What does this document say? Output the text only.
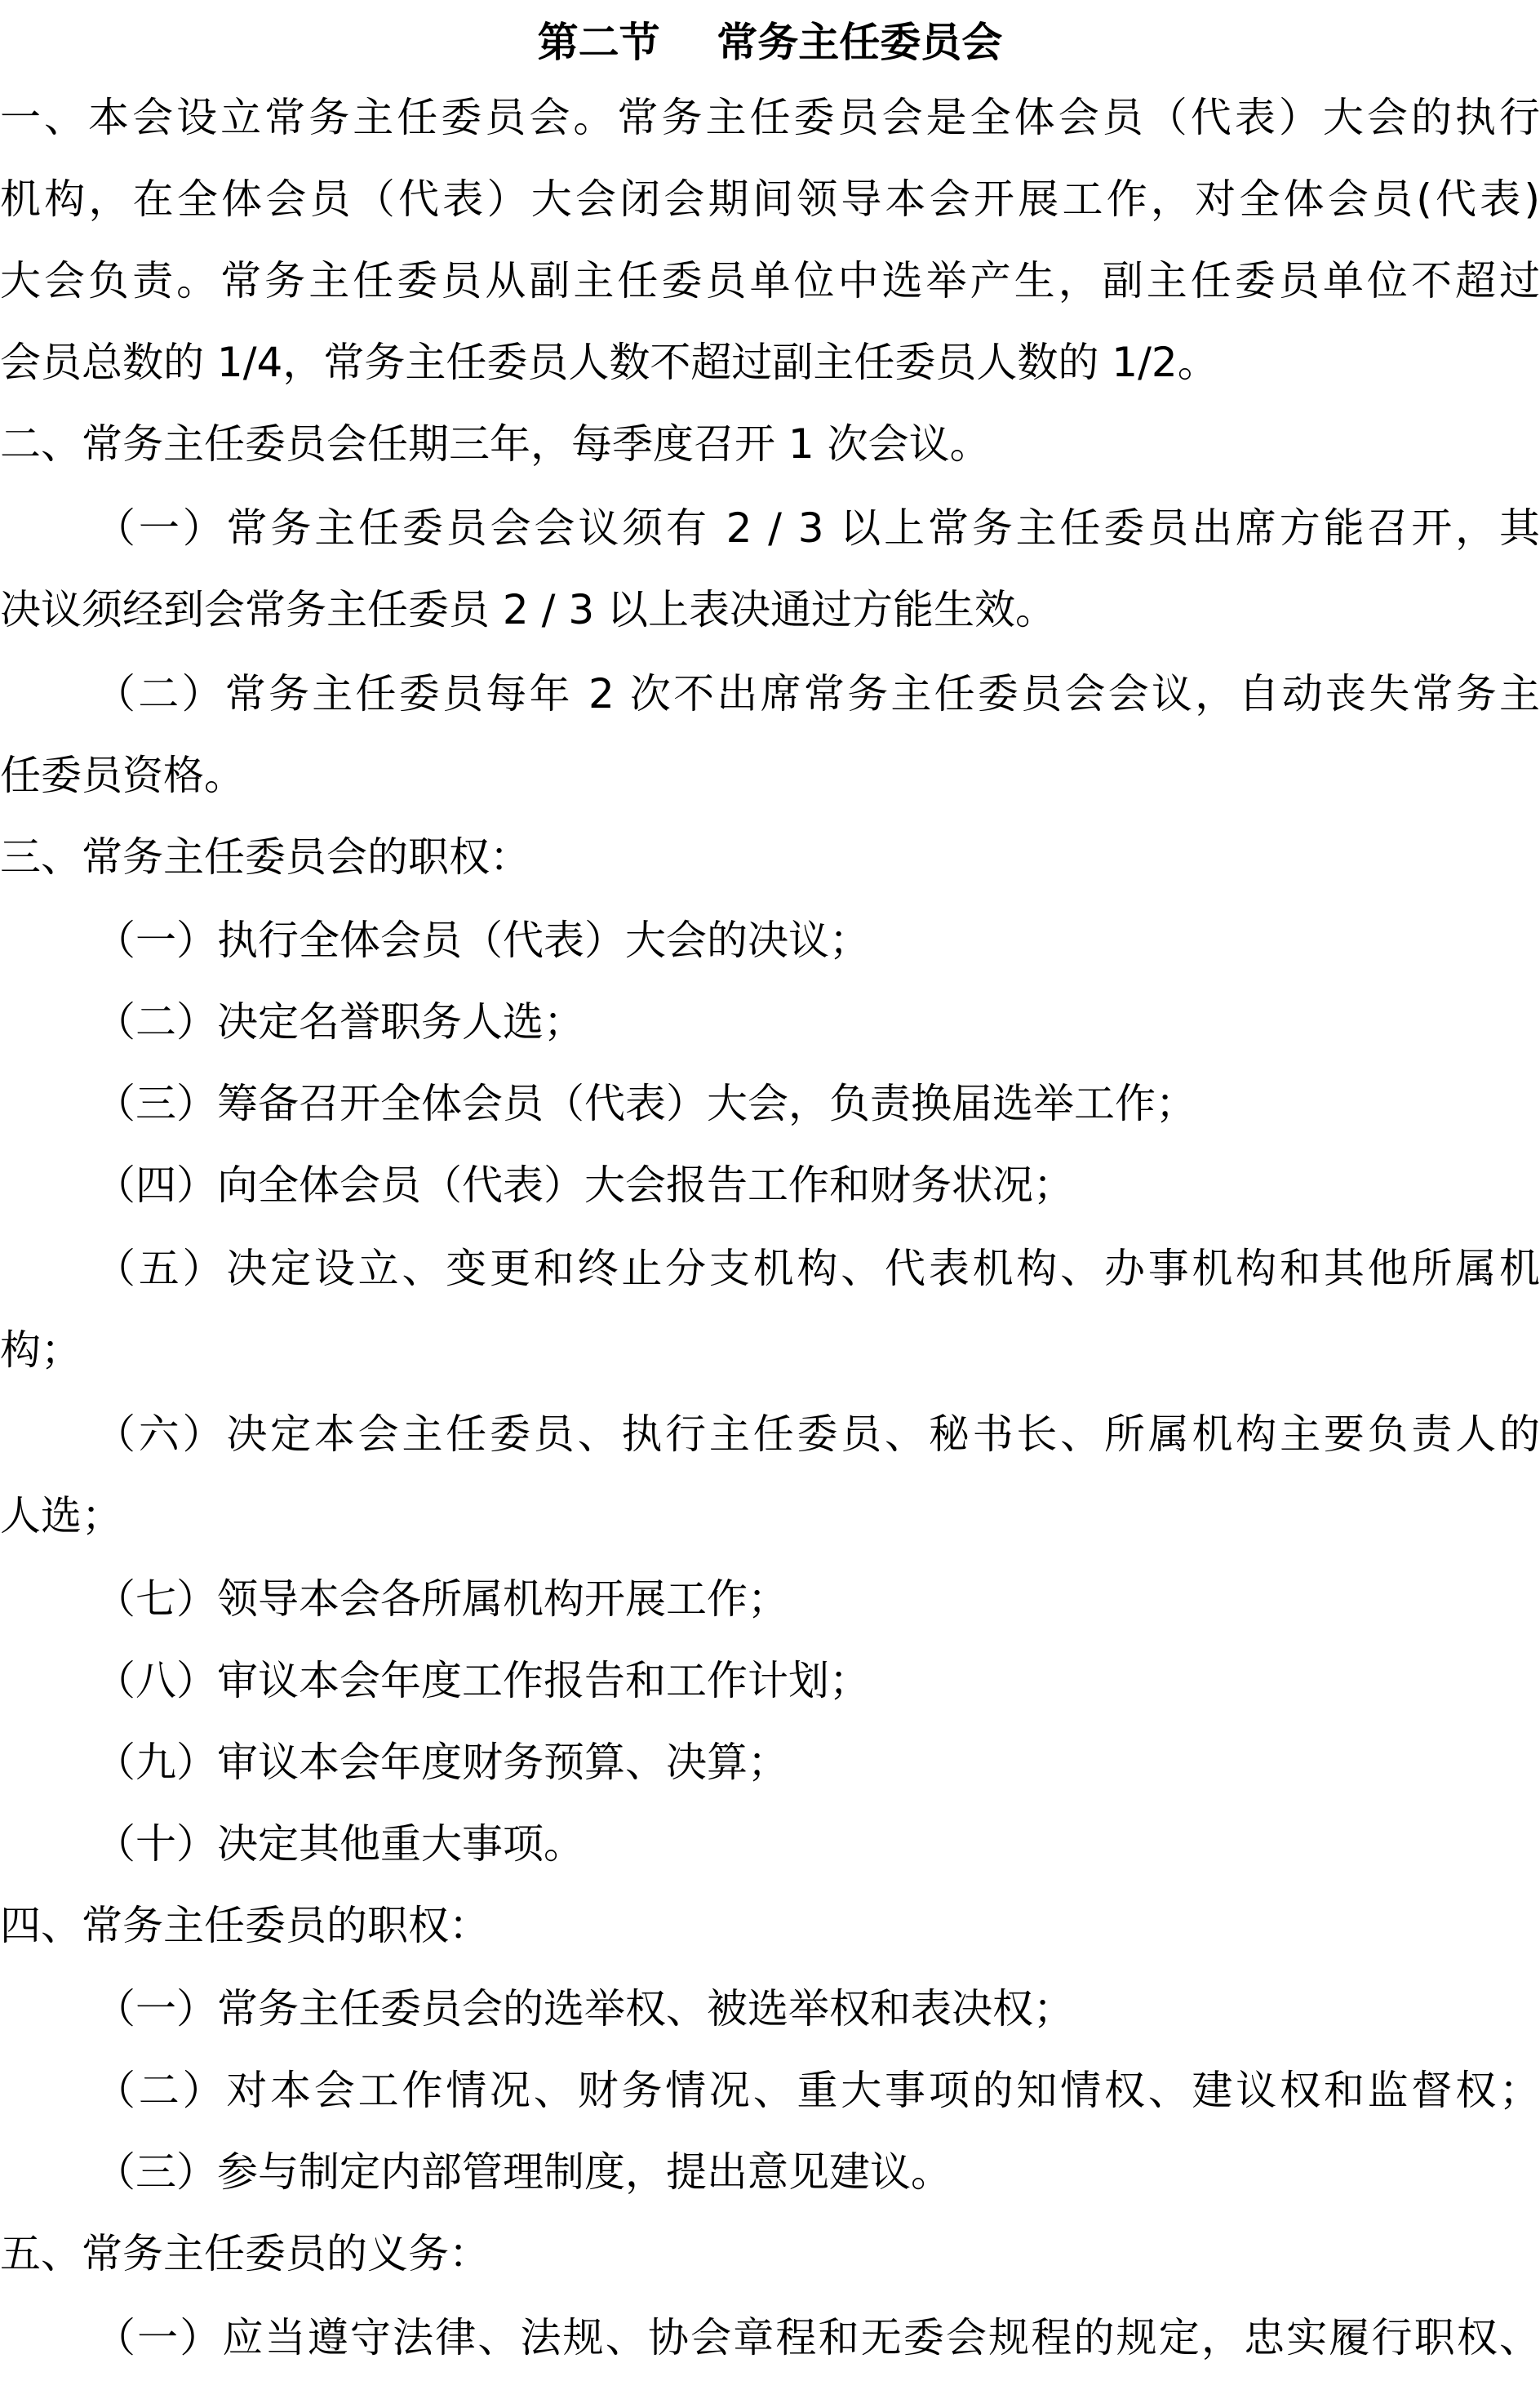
第二节    常务主任委员会
一、本会设立常务主任委员会。常务主任委员会是全体会员（代表）大会的执行
机构，在全体会员（代表）大会闭会期间领导本会开展工作，对全体会员(代表)
大会负责。常务主任委员从副主任委员单位中选举产生，副主任委员单位不超过
会员总数的 1/4，常务主任委员人数不超过副主任委员人数的 1/2。
二、常务主任委员会任期三年，每季度召开 1 次会议。
（一）常务主任委员会会议须有 2 / 3 以上常务主任委员出席方能召开，其
决议须经到会常务主任委员 2 / 3 以上表决通过方能生效。
（二）常务主任委员每年 2 次不出席常务主任委员会会议，自动丧失常务主
任委员资格。
三、常务主任委员会的职权：
（一）执行全体会员（代表）大会的决议；
（二）决定名誉职务人选；
（三）筹备召开全体会员（代表）大会，负责换届选举工作；
（四）向全体会员（代表）大会报告工作和财务状况；
（五）决定设立、变更和终止分支机构、代表机构、办事机构和其他所属机
构；
（六）决定本会主任委员、执行主任委员、秘书长、所属机构主要负责人的
人选；
（七）领导本会各所属机构开展工作；
（八）审议本会年度工作报告和工作计划；
（九）审议本会年度财务预算、决算；
（十）决定其他重大事项。
四、常务主任委员的职权：
（一）常务主任委员会的选举权、被选举权和表决权；
（二）对本会工作情况、财务情况、重大事项的知情权、建议权和监督权；
（三）参与制定内部管理制度，提出意见建议。
五、常务主任委员的义务：
（一）应当遵守法律、法规、协会章程和无委会规程的规定，忠实履行职权、
